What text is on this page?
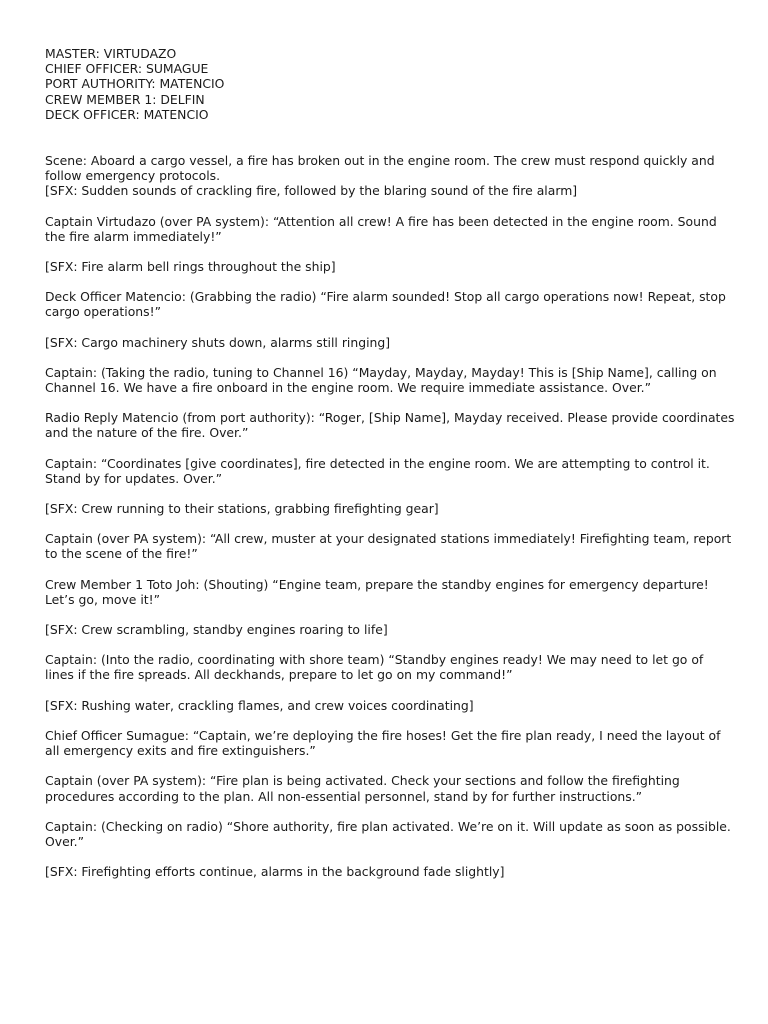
MASTER: VIRTUDAZO

CHIEF OFFICER: SUMAGUE

PORT AUTHORITY: MATENCIO

CREW MEMBER 1: DELFIN

DECK OFFICER: MATENCIO

Scene: Aboard a cargo vessel, a fire has broken out in the engine room. The crew must respond quickly and follow emergency protocols.

[SFX: Sudden sounds of crackling fire, followed by the blaring sound of the fire alarm]

Captain Virtudazo (over PA system): “Attention all crew! A fire has been detected in the engine room. Sound the fire alarm immediately!”

[SFX: Fire alarm bell rings throughout the ship]

Deck Officer Matencio: (Grabbing the radio) “Fire alarm sounded! Stop all cargo operations now! Repeat, stop cargo operations!”

[SFX: Cargo machinery shuts down, alarms still ringing]

Captain: (Taking the radio, tuning to Channel 16) “Mayday, Mayday, Mayday! This is [Ship Name], calling on Channel 16. We have a fire onboard in the engine room. We require immediate assistance. Over.”

Radio Reply Matencio (from port authority): “Roger, [Ship Name], Mayday received. Please provide coordinates and the nature of the fire. Over.”

Captain: “Coordinates [give coordinates], fire detected in the engine room. We are attempting to control it. Stand by for updates. Over.”

[SFX: Crew running to their stations, grabbing firefighting gear]

Captain (over PA system): “All crew, muster at your designated stations immediately! Firefighting team, report to the scene of the fire!”

Crew Member 1 Toto Joh: (Shouting) “Engine team, prepare the standby engines for emergency departure! Let’s go, move it!”

[SFX: Crew scrambling, standby engines roaring to life]

Captain: (Into the radio, coordinating with shore team) “Standby engines ready! We may need to let go of lines if the fire spreads. All deckhands, prepare to let go on my command!”

[SFX: Rushing water, crackling flames, and crew voices coordinating]

Chief Officer Sumague: “Captain, we’re deploying the fire hoses! Get the fire plan ready, I need the layout of all emergency exits and fire extinguishers.”

Captain (over PA system): “Fire plan is being activated. Check your sections and follow the firefighting procedures according to the plan. All non-essential personnel, stand by for further instructions.”

Captain: (Checking on radio) “Shore authority, fire plan activated. We’re on it. Will update as soon as possible. Over.”

[SFX: Firefighting efforts continue, alarms in the background fade slightly]
